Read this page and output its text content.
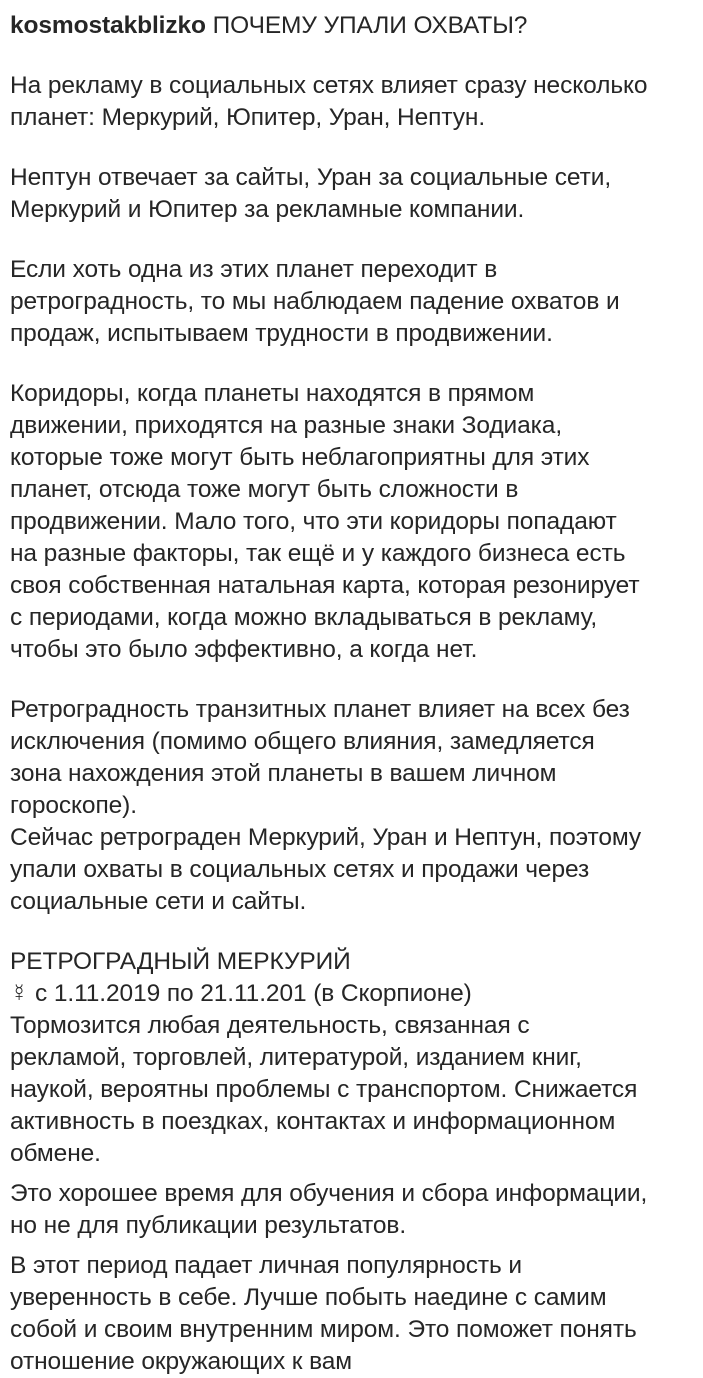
kosmostakblizko ПОЧЕМУ УПАЛИ ОХВАТЫ?

На рекламу в социальных сетях влияет сразу несколько
планет: Меркурий, Юпитер, Уран, Нептун.

Нептун отвечает за сайты, Уран за социальные сети,
Меркурий и Юпитер за рекламные компании.

Если хоть одна из этих планет переходит в
ретроградность, то мы наблюдаем падение охватов и
продаж, испытываем трудности в продвижении.

Коридоры, когда планеты находятся в прямом
движении, приходятся на разные знаки Зодиака,
которые тоже могут быть неблагоприятны для этих
планет, отсюда тоже могут быть сложности в
продвижении. Мало того, что эти коридоры попадают
на разные факторы, так ещё и у каждого бизнеса есть
своя собственная натальная карта, которая резонирует
с периодами, когда можно вкладываться в рекламу,
чтобы это было эффективно, а когда нет.

Ретроградность транзитных планет влияет на всех без
исключения (помимо общего влияния, замедляется
зона нахождения этой планеты в вашем личном
гороскопе).
Сейчас ретрограден Меркурий, Уран и Нептун, поэтому
упали охваты в социальных сетях и продажи через
социальные сети и сайты.

РЕТРОГРАДНЫЙ МЕРКУРИЙ
☿ с 1.11.2019 по 21.11.201 (в Скорпионе)
Тормозится любая деятельность, связанная с
рекламой, торговлей, литературой, изданием книг,
наукой, вероятны проблемы с транспортом. Снижается
активность в поездках, контактах и информационном
обмене.
Это хорошее время для обучения и сбора информации,
но не для публикации результатов.
В этот период падает личная популярность и
уверенность в себе. Лучше побыть наедине с самим
собой и своим внутренним миром. Это поможет понять
отношение окружающих к вам
